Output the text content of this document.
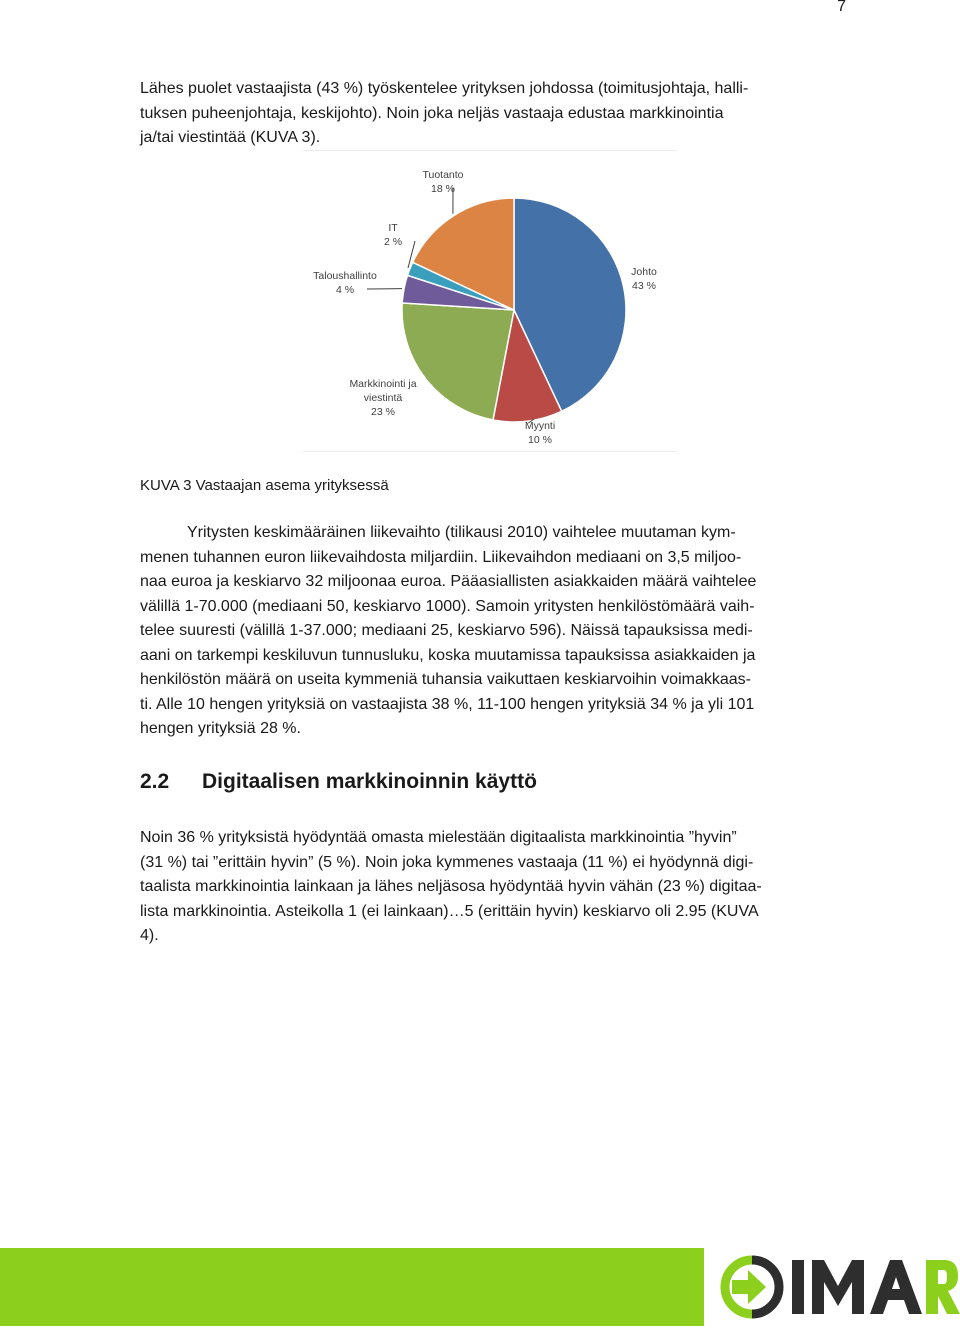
7

Lähes puolet vastaajista (43 %) työskentelee yrityksen johdossa (toimitusjohtaja, halli-

tuksen puheenjohtaja, keskijohto). Noin joka neljäs vastaaja edustaa markkinointia

ja/tai viestintää (KUVA 3).

Johto 43 %
Myynti 10 %
Markkinointi ja viestintä 23 %
Taloushallinto 4 %
IT 2 %
Tuotanto 18 %
KUVA 3 Vastaajan asema yrityksessä

Yritysten keskimääräinen liikevaihto (tilikausi 2010) vaihtelee muutaman kym-

menen tuhannen euron liikevaihdosta miljardiin. Liikevaihdon mediaani on 3,5 miljoo-

naa euroa ja keskiarvo 32 miljoonaa euroa. Pääasiallisten asiakkaiden määrä vaihtelee

välillä 1-70.000 (mediaani 50, keskiarvo 1000). Samoin yritysten henkilöstömäärä vaih-

telee suuresti (välillä 1-37.000; mediaani 25, keskiarvo 596). Näissä tapauksissa medi-

aani on tarkempi keskiluvun tunnusluku, koska muutamissa tapauksissa asiakkaiden ja

henkilöstön määrä on useita kymmeniä tuhansia vaikuttaen keskiarvoihin voimakkaas-

ti. Alle 10 hengen yrityksiä on vastaajista 38 %, 11-100 hengen yrityksiä 34 % ja yli 101

hengen yrityksiä 28 %.

2.2 Digitaalisen markkinoinnin käyttö

Noin 36 % yrityksistä hyödyntää omasta mielestään digitaalista markkinointia ”hyvin”

(31 %) tai ”erittäin hyvin” (5 %). Noin joka kymmenes vastaaja (11 %) ei hyödynnä digi-

taalista markkinointia lainkaan ja lähes neljäsosa hyödyntää hyvin vähän (23 %) digitaa-

lista markkinointia. Asteikolla 1 (ei lainkaan)…5 (erittäin hyvin) keskiarvo oli 2.95 (KUVA

4).
